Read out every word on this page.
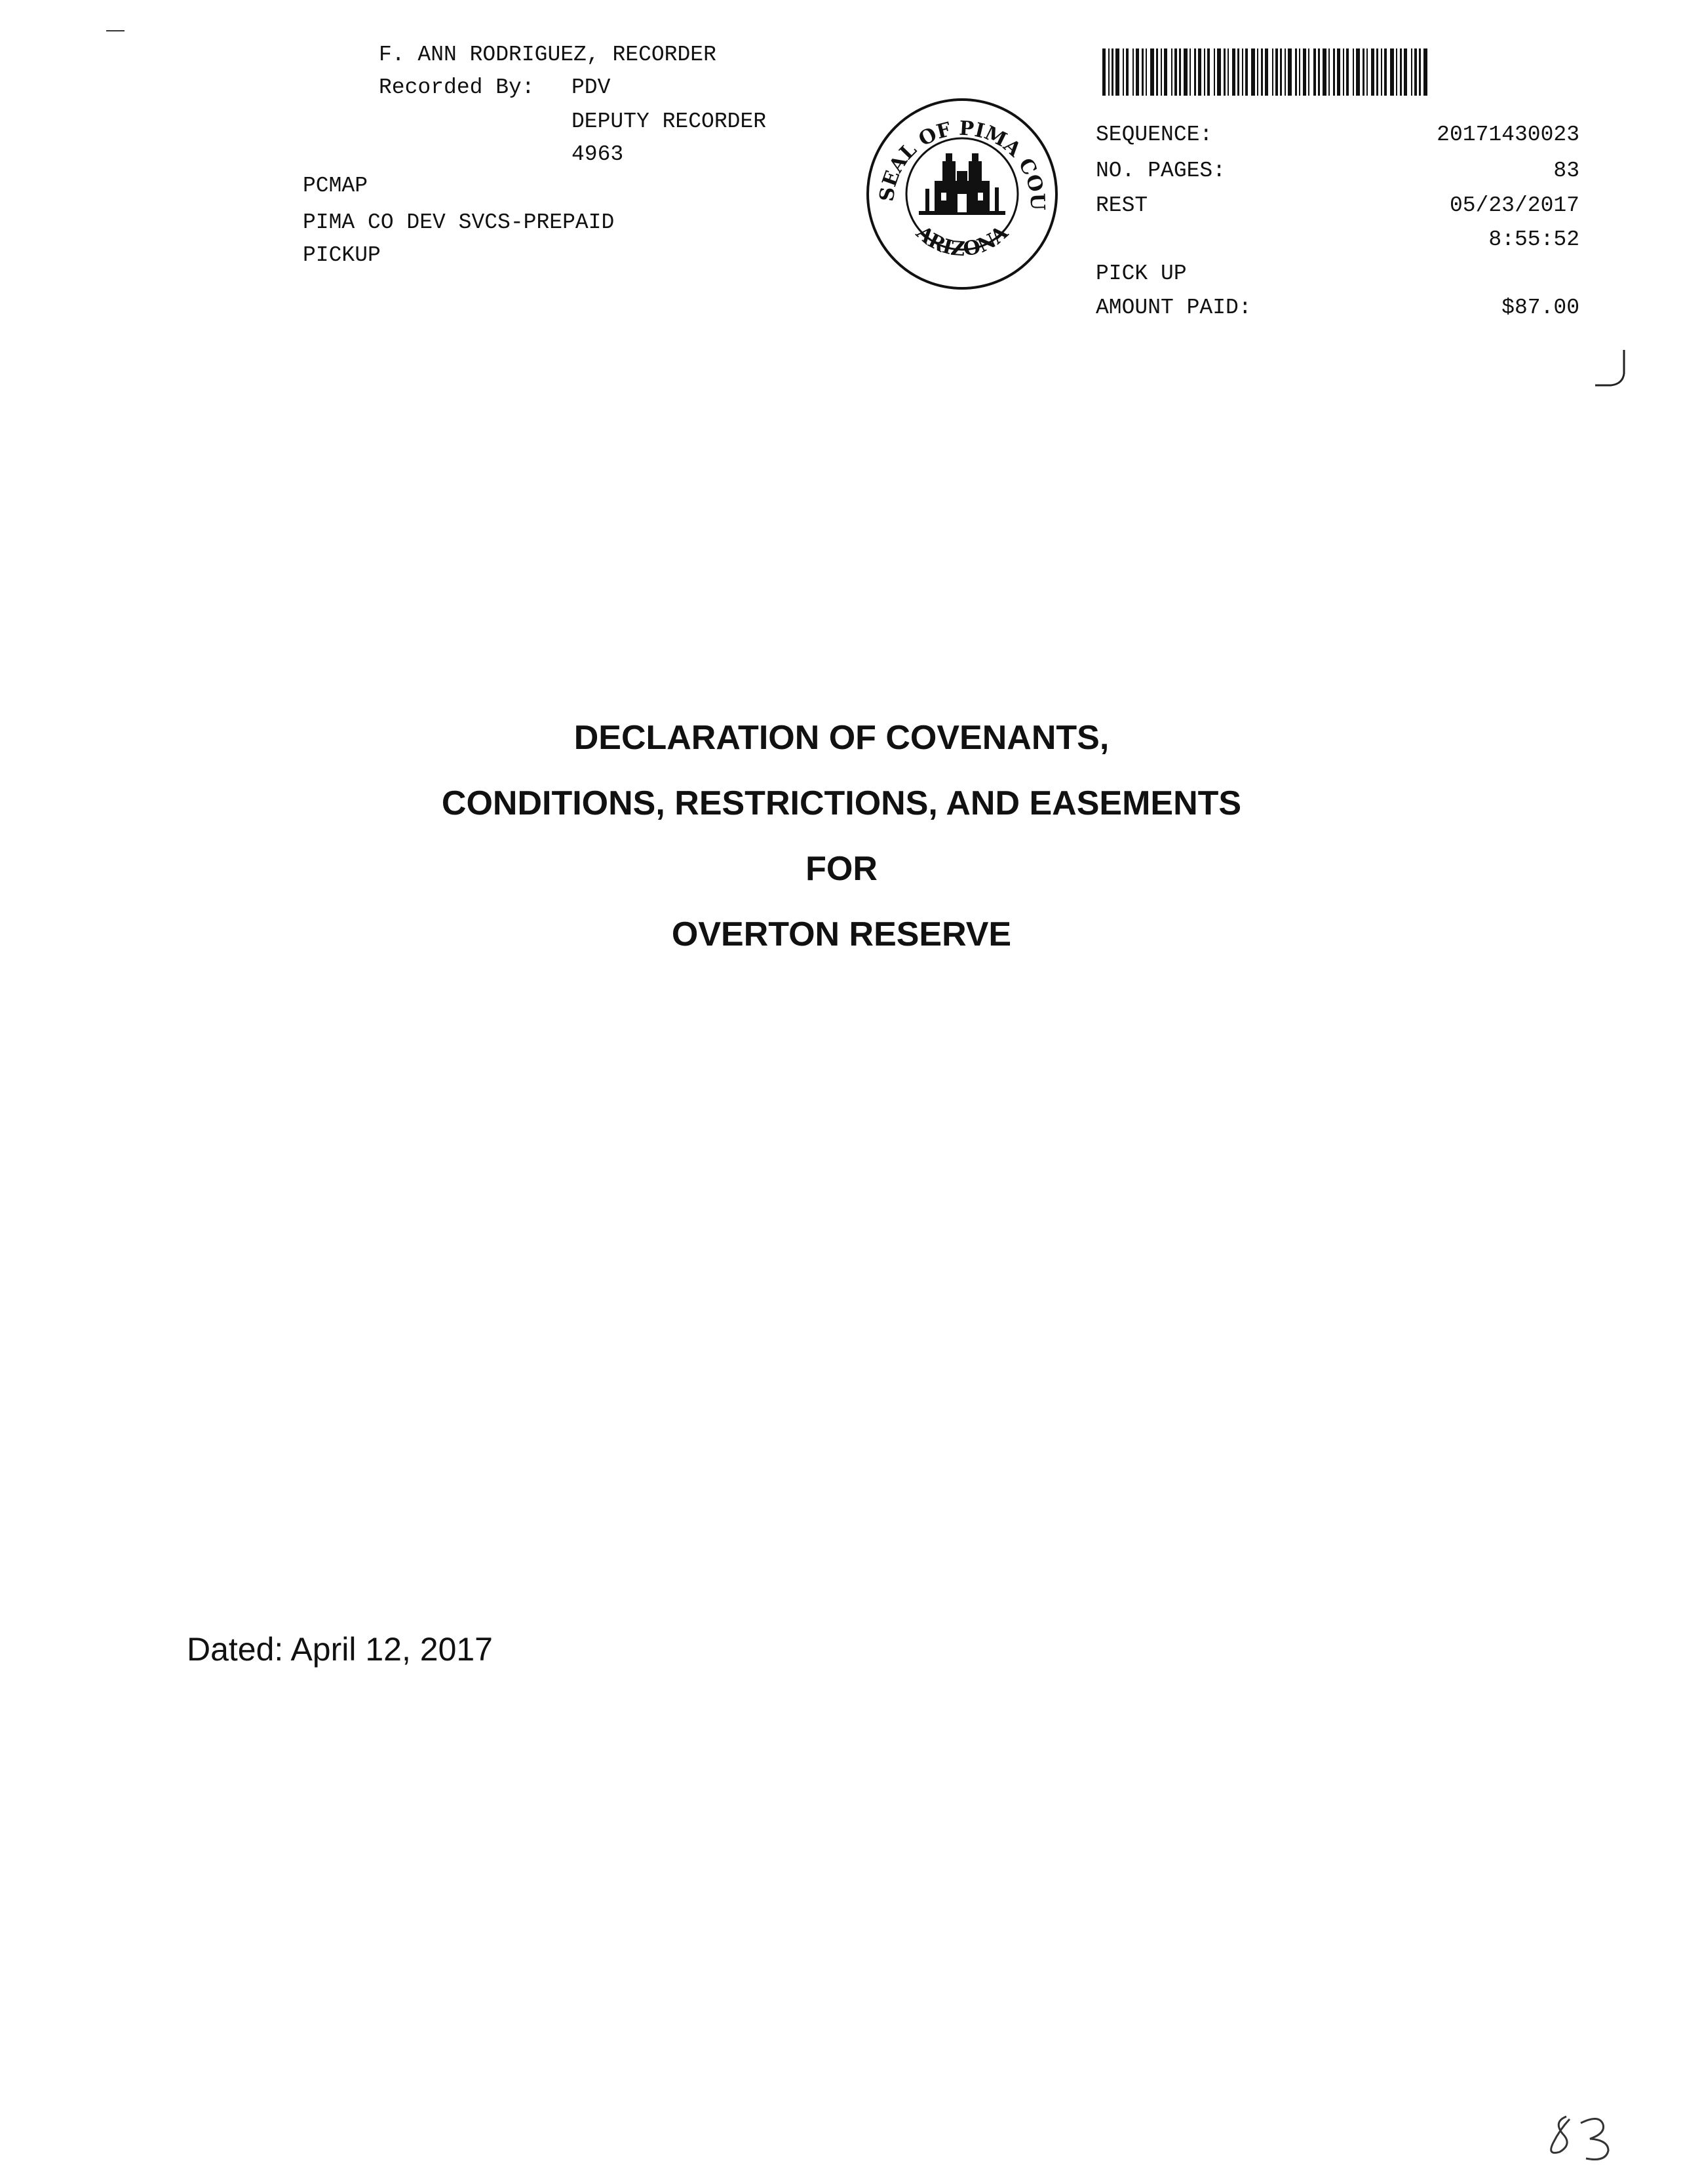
F. ANN RODRIGUEZ, RECORDER
Recorded By: PDV
DEPUTY RECORDER
4963
PCMAP
PIMA CO DEV SVCS-PREPAID
PICKUP

SEAL OF PIMA COU
ARIZONA

SEQUENCE:	20171430023
NO. PAGES:	83
REST	05/23/2017
8:55:52
PICK UP
AMOUNT PAID:	$87.00
DECLARATION OF COVENANTS,
CONDITIONS, RESTRICTIONS, AND EASEMENTS
FOR
OVERTON RESERVE
Dated: April 12, 2017
